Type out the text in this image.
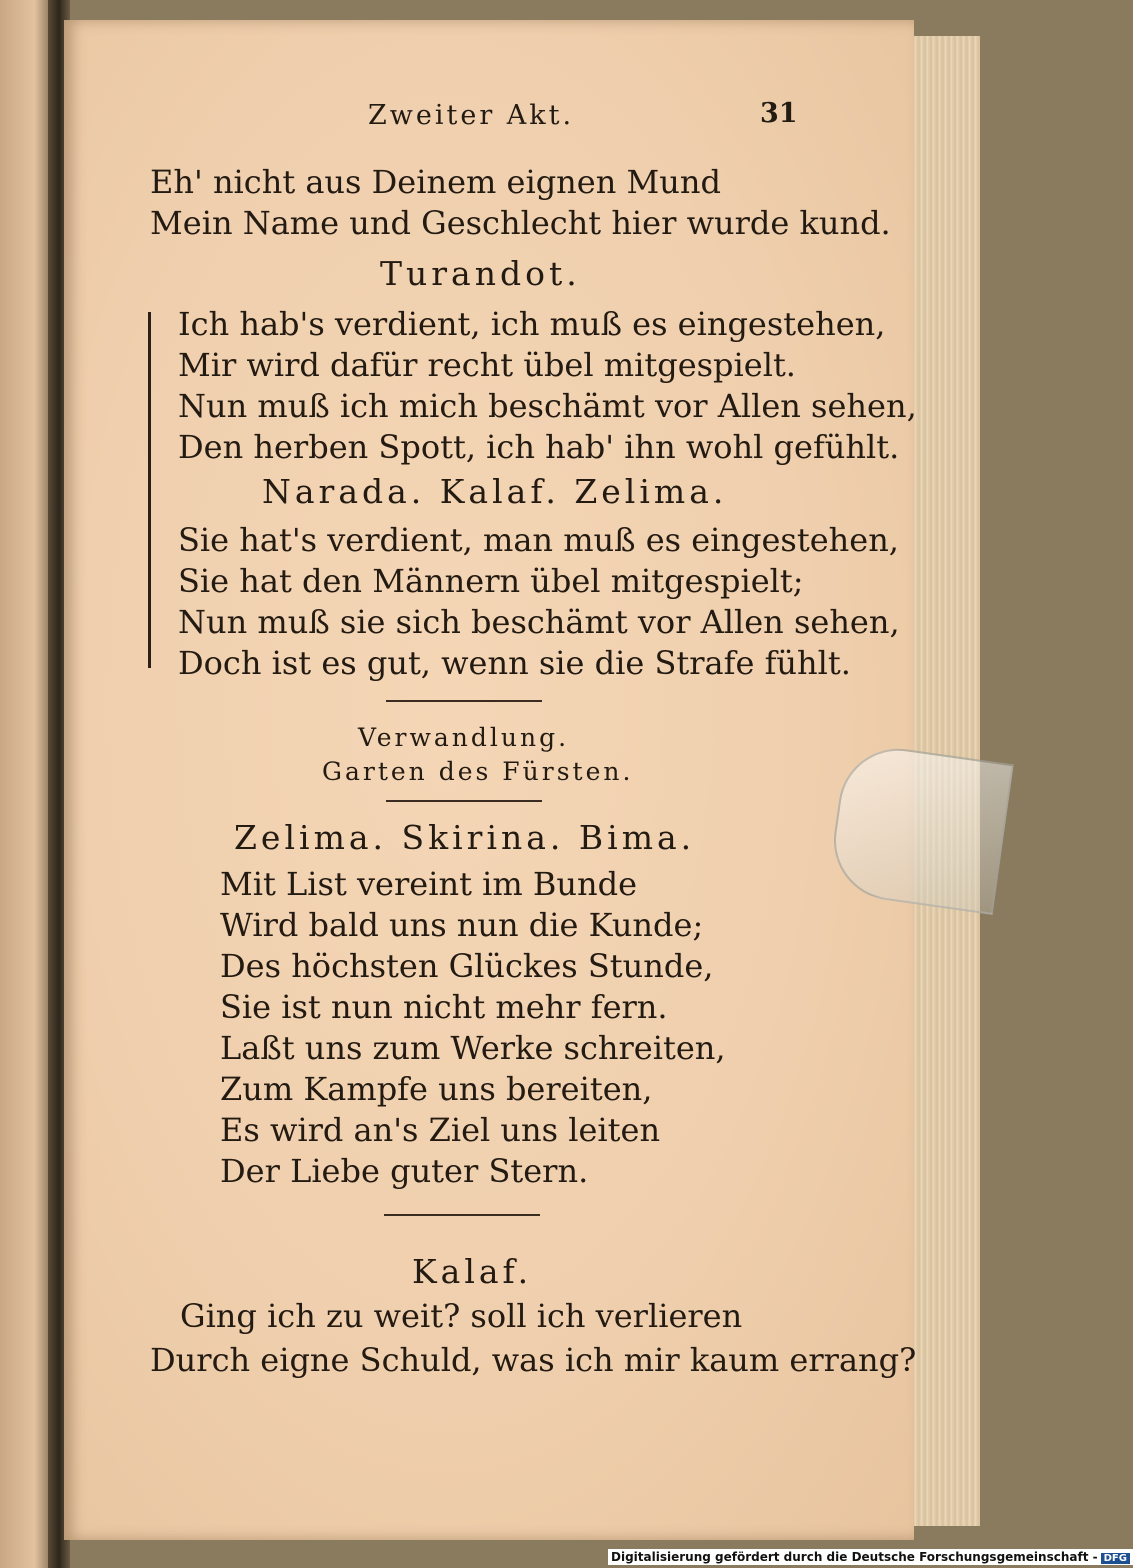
Zweiter Akt.	31
Eh' nicht aus Deinem eignen Mund
Mein Name und Geschlecht hier wurde kund.
Turandot.
Ich hab's verdient, ich muß es eingestehen,
Mir wird dafür recht übel mitgespielt.
Nun muß ich mich beschämt vor Allen sehen,
Den herben Spott, ich hab' ihn wohl gefühlt.
Narada. Kalaf. Zelima.
Sie hat's verdient, man muß es eingestehen,
Sie hat den Männern übel mitgespielt;
Nun muß sie sich beschämt vor Allen sehen,
Doch ist es gut, wenn sie die Strafe fühlt.
Verwandlung.
Garten des Fürsten.
Zelima. Skirina. Bima.
Mit List vereint im Bunde
Wird bald uns nun die Kunde;
Des höchsten Glückes Stunde,
Sie ist nun nicht mehr fern.
Laßt uns zum Werke schreiten,
Zum Kampfe uns bereiten,
Es wird an's Ziel uns leiten
Der Liebe guter Stern.
Kalaf.
Ging ich zu weit? soll ich verlieren
Durch eigne Schuld, was ich mir kaum errang?
Digitalisierung gefördert durch die Deutsche Forschungsgemeinschaft - DFG
